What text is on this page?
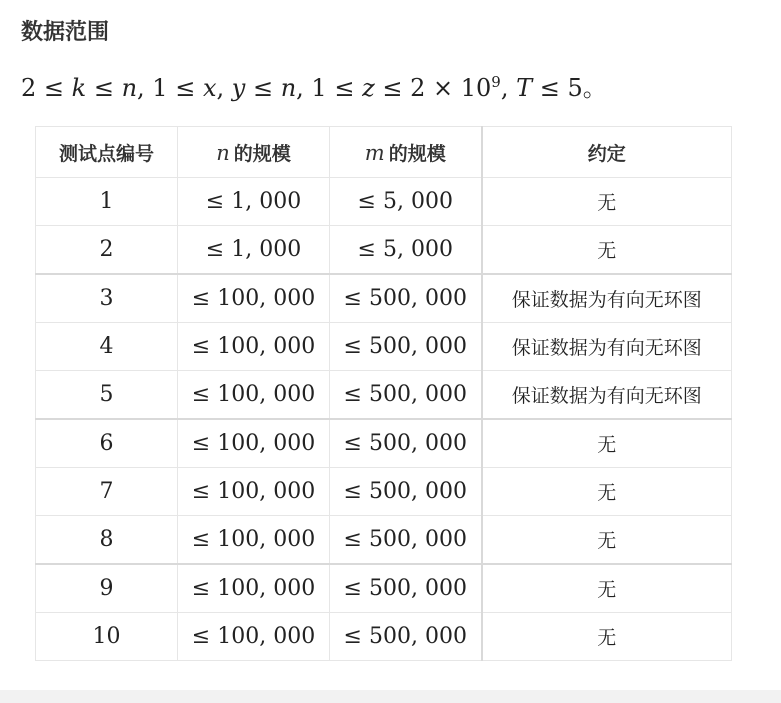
数据范围
2 ≤ k ≤ n, 1 ≤ x, y ≤ n, $1 \le z \le 2 \times 10^9$, T ≤ 5。
测试点编号	n 的规模	m 的规模	约定
1	≤ 1, 000	≤ 5, 000	无
2	≤ 1, 000	≤ 5, 000	无
3	≤ 100, 000	≤ 500, 000	保证数据为有向无环图
4	≤ 100, 000	≤ 500, 000	保证数据为有向无环图
5	≤ 100, 000	≤ 500, 000	保证数据为有向无环图
6	≤ 100, 000	≤ 500, 000	无
7	≤ 100, 000	≤ 500, 000	无
8	≤ 100, 000	≤ 500, 000	无
9	≤ 100, 000	≤ 500, 000	无
10	≤ 100, 000	≤ 500, 000	无
